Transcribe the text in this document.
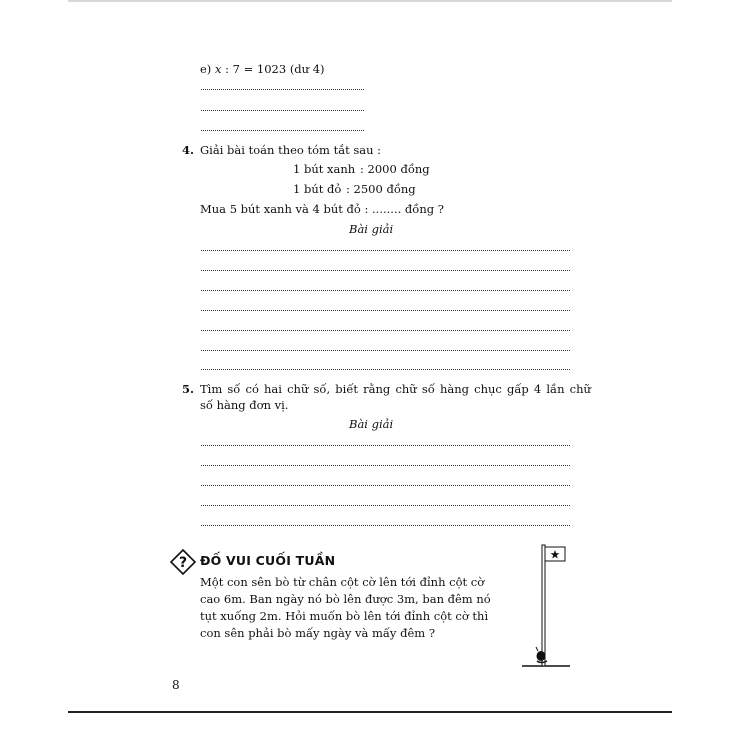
e) x : 7 = 1023 (dư 4)
4. Giải bài toán theo tóm tắt sau :
1 bút xanh : 2000 đồng
1 bút đỏ : 2500 đồng
Mua 5 bút xanh và 4 bút đỏ : ........ đồng ?
Bài giải
5. Tìm số có hai chữ số, biết rằng chữ số hàng chục gấp 4 lần chữ
số hàng đơn vị.
Bài giải
? ĐỐ VUI CUỐI TUẦN
Một con sên bò từ chân cột cờ lên tới đỉnh cột cờ
cao 6m. Ban ngày nó bò lên được 3m, ban đêm nó
tụt xuống 2m. Hỏi muốn bò lên tới đỉnh cột cờ thì
con sên phải bò mấy ngày và mấy đêm ?
8
